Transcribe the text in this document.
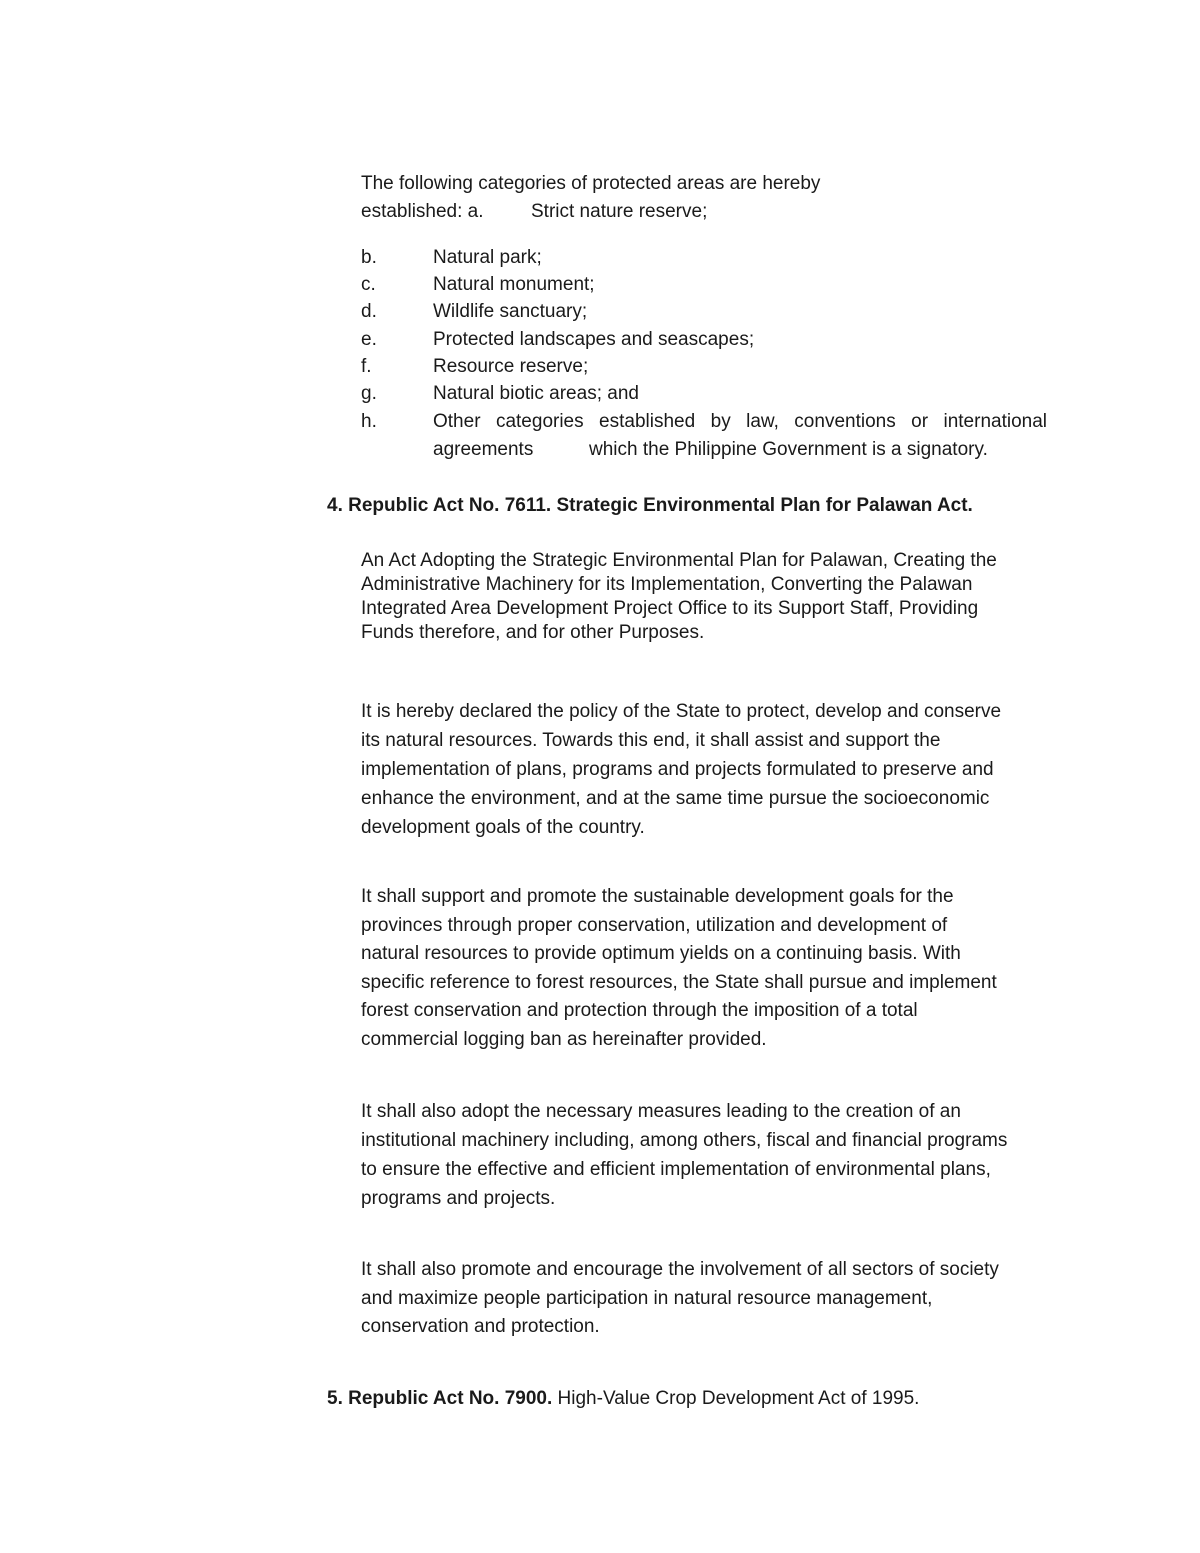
The following categories of protected areas are hereby
established: a. Strict nature reserve;
b.	Natural park;
c.	Natural monument;
d.	Wildlife sanctuary;
e.	Protected landscapes and seascapes;
f.	Resource reserve;
g.	Natural biotic areas; and
h.	Other categories established by law, conventions or international
agreements	which the Philippine Government is a signatory.
4. Republic Act No. 7611. Strategic Environmental Plan for Palawan Act.
An Act Adopting the Strategic Environmental Plan for Palawan, Creating the
Administrative Machinery for its Implementation, Converting the Palawan
Integrated Area Development Project Office to its Support Staff, Providing
Funds therefore, and for other Purposes.
It is hereby declared the policy of the State to protect, develop and conserve
its natural resources. Towards this end, it shall assist and support the
implementation of plans, programs and projects formulated to preserve and
enhance the environment, and at the same time pursue the socioeconomic
development goals of the country.
It shall support and promote the sustainable development goals for the
provinces through proper conservation, utilization and development of
natural resources to provide optimum yields on a continuing basis. With
specific reference to forest resources, the State shall pursue and implement
forest conservation and protection through the imposition of a total
commercial logging ban as hereinafter provided.
It shall also adopt the necessary measures leading to the creation of an
institutional machinery including, among others, fiscal and financial programs
to ensure the effective and efficient implementation of environmental plans,
programs and projects.
It shall also promote and encourage the involvement of all sectors of society
and maximize people participation in natural resource management,
conservation and protection.
5. Republic Act No. 7900. High-Value Crop Development Act of 1995.
